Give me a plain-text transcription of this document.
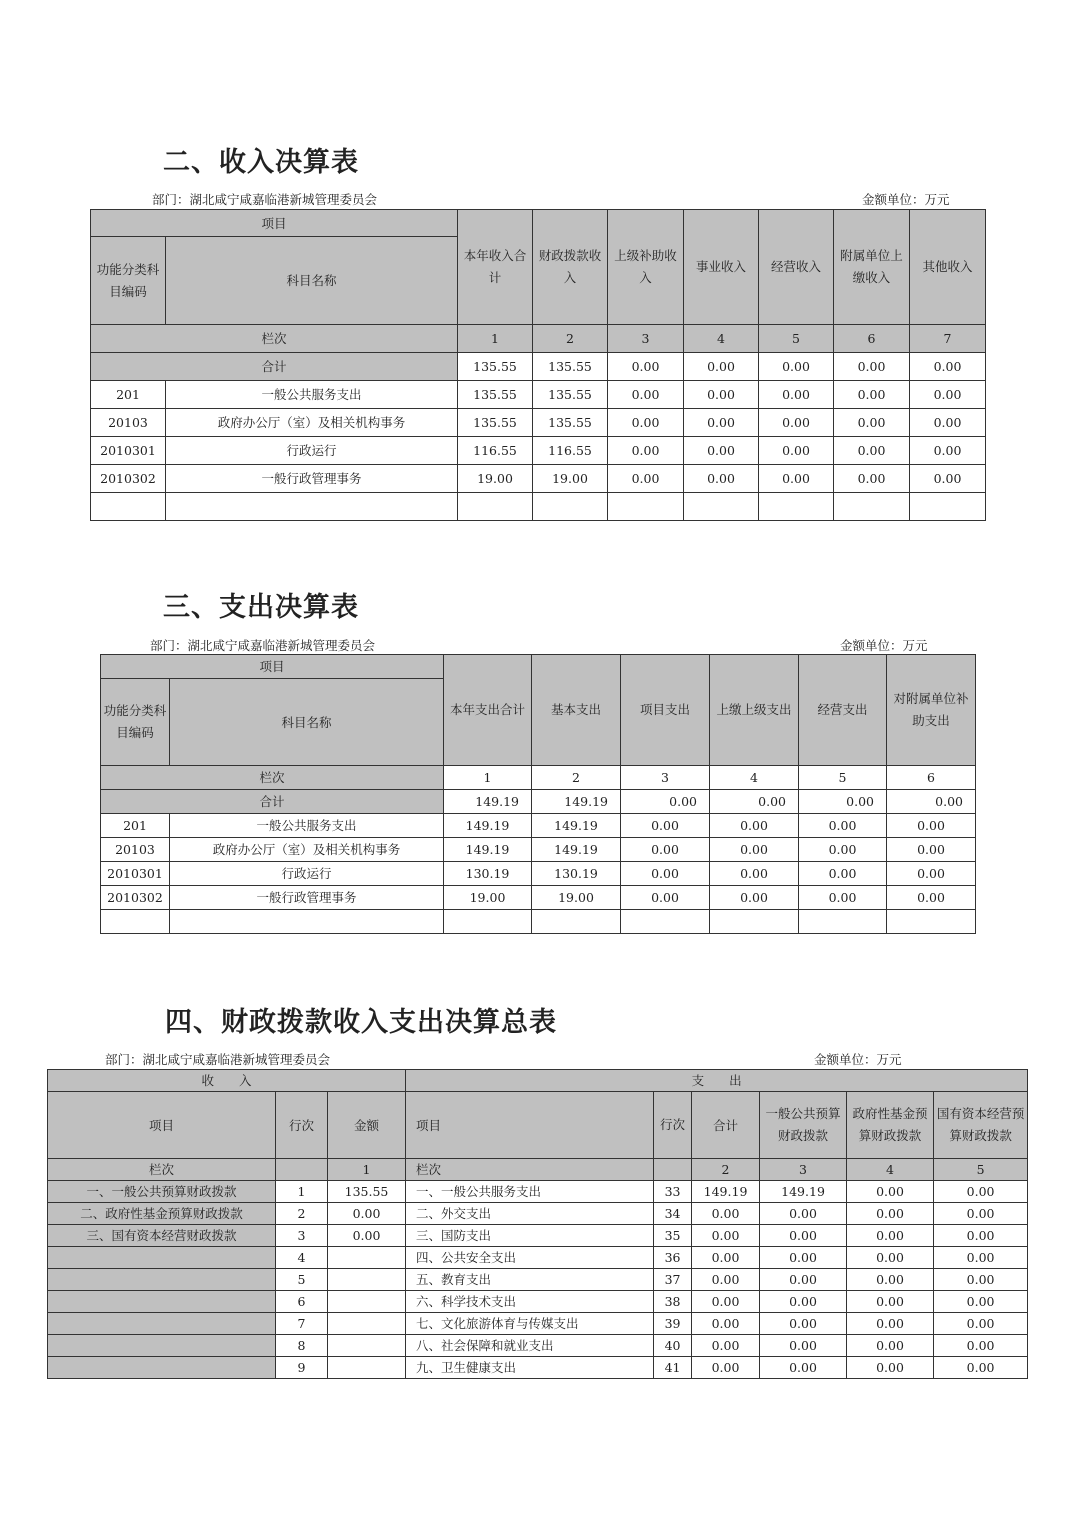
二、收入决算表
部门：湖北咸宁咸嘉临港新城管理委员会	金额单位：万元
项目		本年收入合计	财政拨款收入	上级补助收入	事业收入	经营收入	附属单位上缴收入	其他收入
功能分类科目编码	科目名称							
栏次		1	2	3	4	5	6	7
合计		135.55	135.55	0.00	0.00	0.00	0.00	0.00
201	一般公共服务支出	135.55	135.55	0.00	0.00	0.00	0.00	0.00
20103	政府办公厅（室）及相关机构事务	135.55	135.55	0.00	0.00	0.00	0.00	0.00
2010301	行政运行	116.55	116.55	0.00	0.00	0.00	0.00	0.00
2010302	一般行政管理事务	19.00	19.00	0.00	0.00	0.00	0.00	0.00

三、支出决算表
部门：湖北咸宁咸嘉临港新城管理委员会	金额单位：万元
项目		本年支出合计	基本支出	项目支出	上缴上级支出	经营支出	对附属单位补助支出
功能分类科目编码	科目名称						
栏次		1	2	3	4	5	6
合计		149.19	149.19	0.00	0.00	0.00	0.00
201	一般公共服务支出	149.19	149.19	0.00	0.00	0.00	0.00
20103	政府办公厅（室）及相关机构事务	149.19	149.19	0.00	0.00	0.00	0.00
2010301	行政运行	130.19	130.19	0.00	0.00	0.00	0.00
2010302	一般行政管理事务	19.00	19.00	0.00	0.00	0.00	0.00

四、财政拨款收入支出决算总表
部门：湖北咸宁咸嘉临港新城管理委员会	金额单位：万元
收　　入			支　　出					
项目	行次	金额	项目	行次	合计	一般公共预算财政拨款	政府性基金预算财政拨款	国有资本经营预算财政拨款
栏次		1	栏次		2	3	4	5
一、一般公共预算财政拨款	1	135.55	一、一般公共服务支出	33	149.19	149.19	0.00	0.00
二、政府性基金预算财政拨款	2	0.00	二、外交支出	34	0.00	0.00	0.00	0.00
三、国有资本经营财政拨款	3	0.00	三、国防支出	35	0.00	0.00	0.00	0.00
	4		四、公共安全支出	36	0.00	0.00	0.00	0.00
	5		五、教育支出	37	0.00	0.00	0.00	0.00
	6		六、科学技术支出	38	0.00	0.00	0.00	0.00
	7		七、文化旅游体育与传媒支出	39	0.00	0.00	0.00	0.00
	8		八、社会保障和就业支出	40	0.00	0.00	0.00	0.00
	9		九、卫生健康支出	41	0.00	0.00	0.00	0.00
